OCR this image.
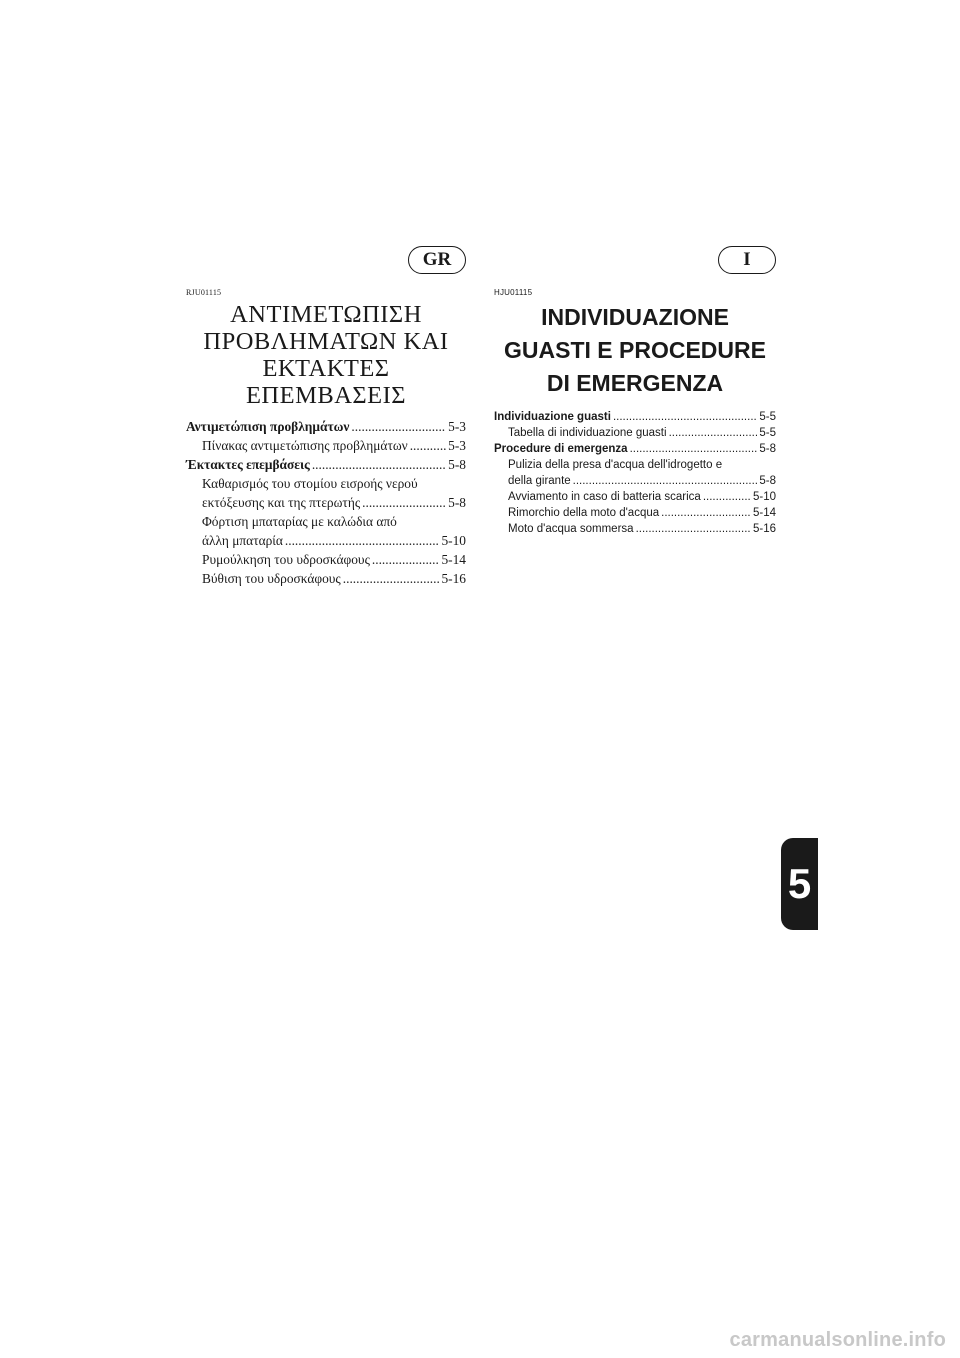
GR	I
RJU01115
ΑΝΤΙΜΕΤΩΠΙΣΗ
ΠΡΟΒΛΗΜΑΤΩΝ ΚΑΙ
ΕΚΤΑΚΤΕΣ
ΕΠΕΜΒΑΣΕΙΣ
Αντιμετώπιση προβλημάτων .....	5-3
Πίνακας αντιμετώπισης προβλημάτων .....	5-3
Έκτακτες επεμβάσεις .....	5-8
Καθαρισμός του στομίου εισροής νερού
εκτόξευσης και της πτερωτής .....	5-8
Φόρτιση μπαταρίας με καλώδια από
άλλη μπαταρία .....	5-10
Ρυμούλκηση του υδροσκάφους .....	5-14
Βύθιση του υδροσκάφους .....	5-16
HJU01115
INDIVIDUAZIONE
GUASTI E PROCEDURE
DI EMERGENZA
Individuazione guasti .....	5-5
Tabella di individuazione guasti .....	5-5
Procedure di emergenza .....	5-8
Pulizia della presa d'acqua dell'idrogetto e
della girante .....	5-8
Avviamento in caso di batteria scarica .....	5-10
Rimorchio della moto d'acqua .....	5-14
Moto d'acqua sommersa .....	5-16
5
carmanualsonline.info
